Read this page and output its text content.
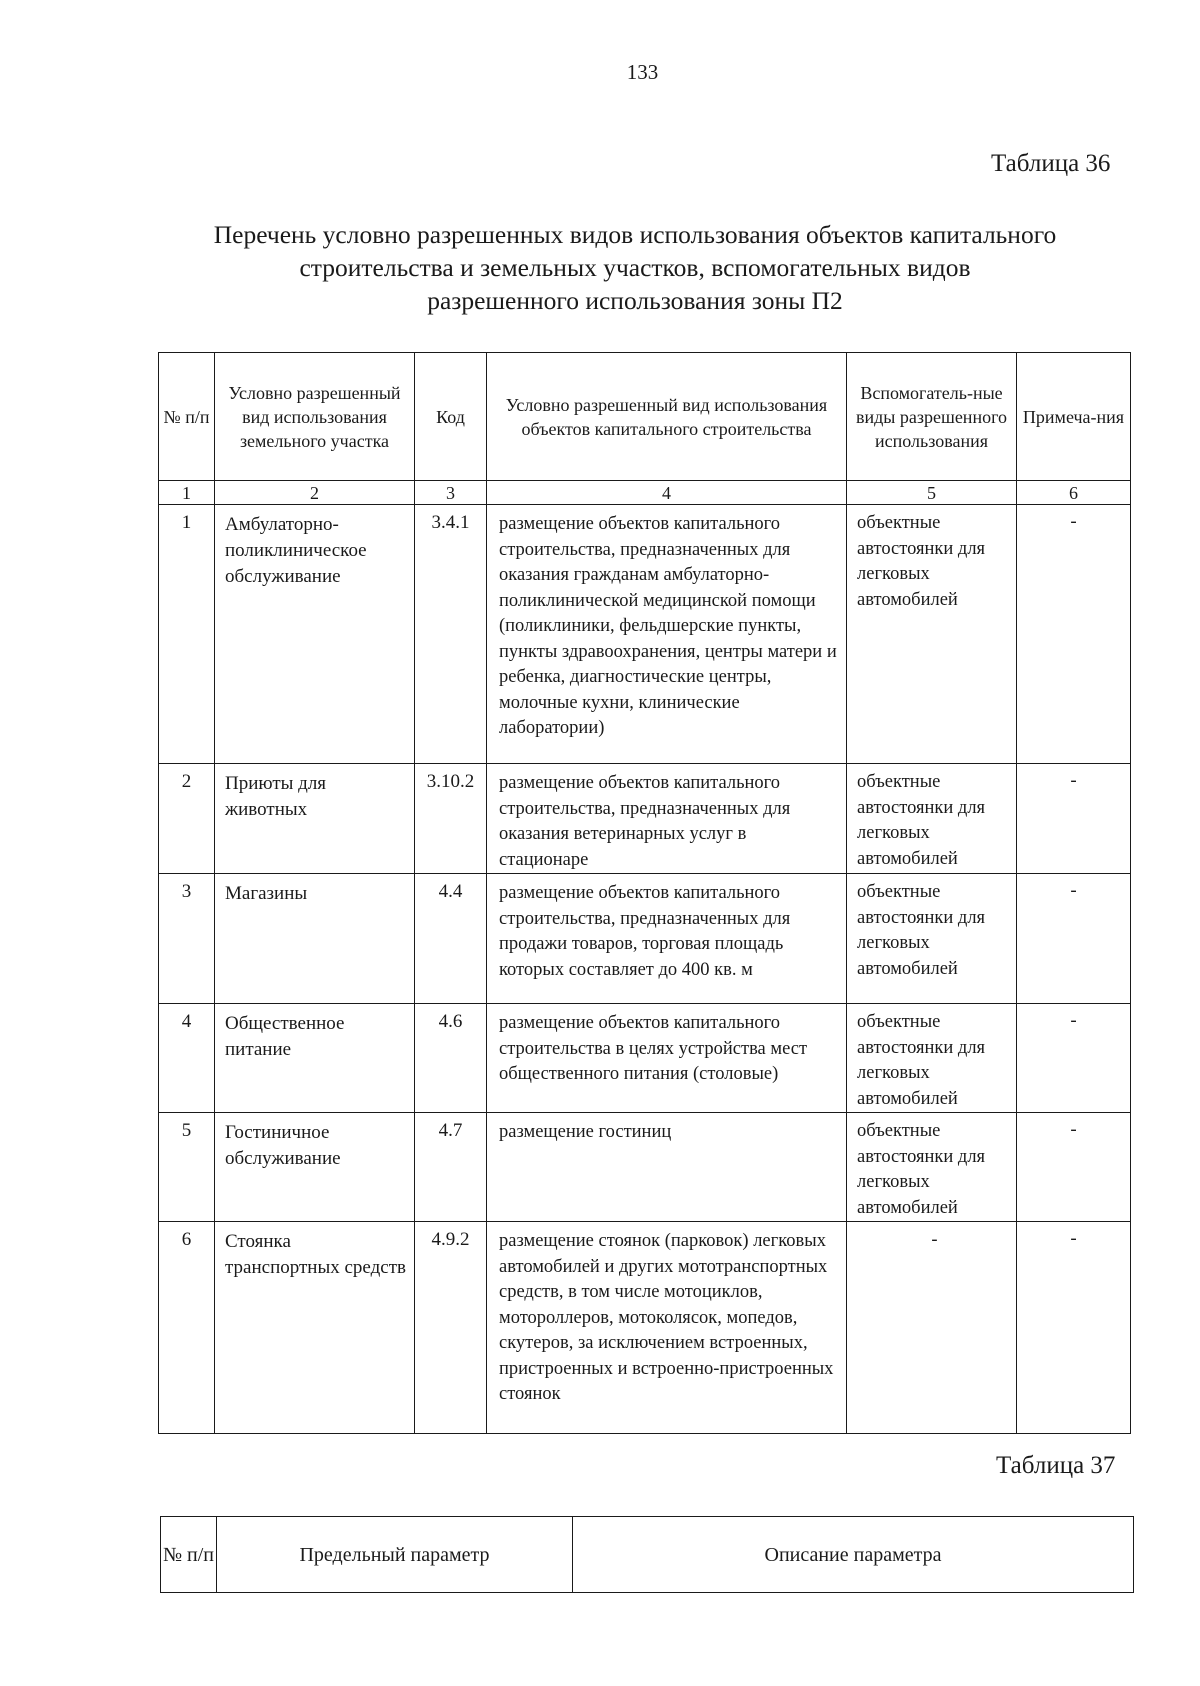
133
Таблица 36
Перечень условно разрешенных видов использования объектов капитального
строительства и земельных участков, вспомогательных видов
разрешенного использования зоны П2
№ п/п	Условно разрешенный вид использования земельного участка	Код	Условно разрешенный вид использования объектов капитального строительства	Вспомогатель-ные виды разрешенного использования	Примеча-ния
1	2	3	4	5	6
1	Амбулаторно-поликлиническое обслуживание	3.4.1	размещение объектов капитального строительства, предназначенных для оказания гражданам амбулаторно-поликлинической медицинской помощи (поликлиники, фельдшерские пункты, пункты здравоохранения, центры матери и ребенка, диагностические центры, молочные кухни, клинические лаборатории)	объектные автостоянки для легковых автомобилей	-
2	Приюты для животных	3.10.2	размещение объектов капитального строительства, предназначенных для оказания ветеринарных услуг в стационаре	объектные автостоянки для легковых автомобилей	-
3	Магазины	4.4	размещение объектов капитального строительства, предназначенных для продажи товаров, торговая площадь которых составляет до 400 кв. м	объектные автостоянки для легковых автомобилей	-
4	Общественное питание	4.6	размещение объектов капитального строительства в целях устройства мест общественного питания (столовые)	объектные автостоянки для легковых автомобилей	-
5	Гостиничное обслуживание	4.7	размещение гостиниц	объектные автостоянки для легковых автомобилей	-
6	Стоянка транспортных средств	4.9.2	размещение стоянок (парковок) легковых автомобилей и других мототранспортных средств, в том числе мотоциклов, мотороллеров, мотоколясок, мопедов, скутеров, за исключением встроенных, пристроенных и встроенно-пристроенных стоянок	-	-
Таблица 37
№ п/п	Предельный параметр	Описание параметра
